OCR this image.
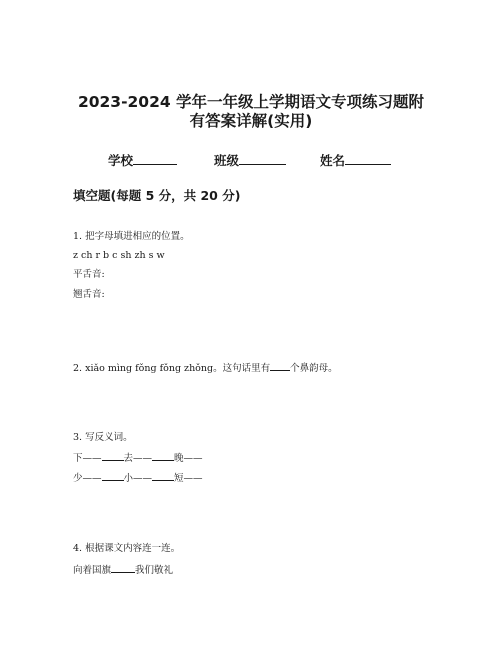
2023-2024 学年一年级上学期语文专项练习题附
有答案详解(实用)
学校	班级	姓名
填空题(每题 5 分，共 20 分)
1. 把字母填进相应的位置。
z ch r b c sh zh s w
平舌音:
翘舌音:
2. xiǎo mìng fǒng fǒng zhǒng。这句话里有 个鼻韵母。
3. 写反义词。
下—— 去—— 晚——
少—— 小—— 短——
4. 根据课文内容连一连。
向着国旗	我们敬礼
